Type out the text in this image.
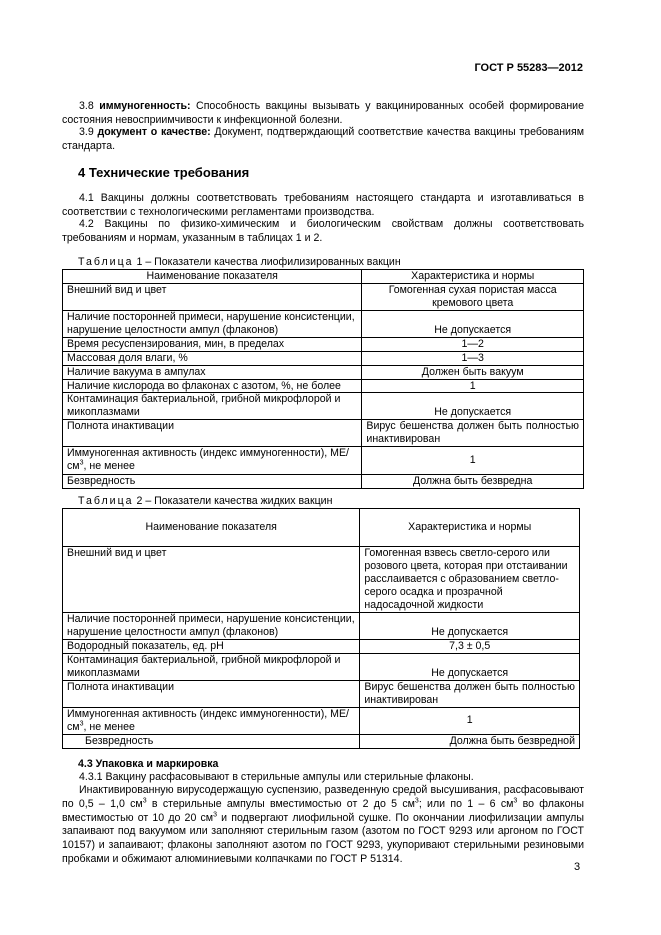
ГОСТ Р 55283—2012
3.8 иммуногенность: Способность вакцины вызывать у вакцинированных особей формирование состояния невосприимчивости к инфекционной болезни.
3.9 документ о качестве: Документ, подтверждающий соответствие качества вакцины требованиям стандарта.
4 Технические требования
4.1 Вакцины должны соответствовать требованиям настоящего стандарта и изготавливаться в соответствии с технологическими регламентами производства.
4.2 Вакцины по физико-химическим и биологическим свойствам должны соответствовать требованиям и нормам, указанным в таблицах 1 и 2.
Таблица 1 – Показатели качества лиофилизированных вакцин
Наименование показателя	Характеристика и нормы
Внешний вид и цвет	Гомогенная сухая пористая масса кремового цвета
Наличие посторонней примеси, нарушение консистенции, нарушение целостности ампул (флаконов)	Не допускается
Время ресуспензирования, мин, в пределах	1—2
Массовая доля влаги, %	1—3
Наличие вакуума в ампулах	Должен быть вакуум
Наличие кислорода во флаконах с азотом, %, не более	1
Контаминация бактериальной, грибной микрофлорой и микоплазмами	Не допускается
Полнота инактивации	Вирус бешенства должен быть полностью инактивирован
Иммуногенная активность (индекс иммуногенности), $МЕ/см^3$, не менее	1
Безвредность	Должна быть безвредна
Таблица 2 – Показатели качества жидких вакцин
Наименование показателя	Характеристика и нормы
Внешний вид и цвет	Гомогенная взвесь светло-серого или розового цвета, которая при отстаивании расслаивается с образованием светло-серого осадка и прозрачной надосадочной жидкости
Наличие посторонней примеси, нарушение консистенции, нарушение целостности ампул (флаконов)	Не допускается
Водородный показатель, ед. рН	7,3 ± 0,5
Контаминация бактериальной, грибной микрофлорой и микоплазмами	Не допускается
Полнота инактивации	Вирус бешенства должен быть полностью инактивирован
Иммуногенная активность (индекс иммуногенности), $МЕ/см^3$, не менее	1
Безвредность	Должна быть безвредной
4.3 Упаковка и маркировка
4.3.1 Вакцину расфасовывают в стерильные ампулы или стерильные флаконы.
Инактивированную вирусодержащую суспензию, разведенную средой высушивания, расфасовывают по 0,5 – 1,0 $см^3$ в стерильные ампулы вместимостью от 2 до 5 $см^3$; или по 1 – 6 $см^3$ во флаконы вместимостью от 10 до 20 $см^3$ и подвергают лиофильной сушке. По окончании лиофилизации ампулы запаивают под вакуумом или заполняют стерильным газом (азотом по ГОСТ 9293 или аргоном по ГОСТ 10157) и запаивают; флаконы заполняют азотом по ГОСТ 9293, укупоривают стерильными резиновыми пробками и обжимают алюминиевыми колпачками по ГОСТ Р 51314.
3
